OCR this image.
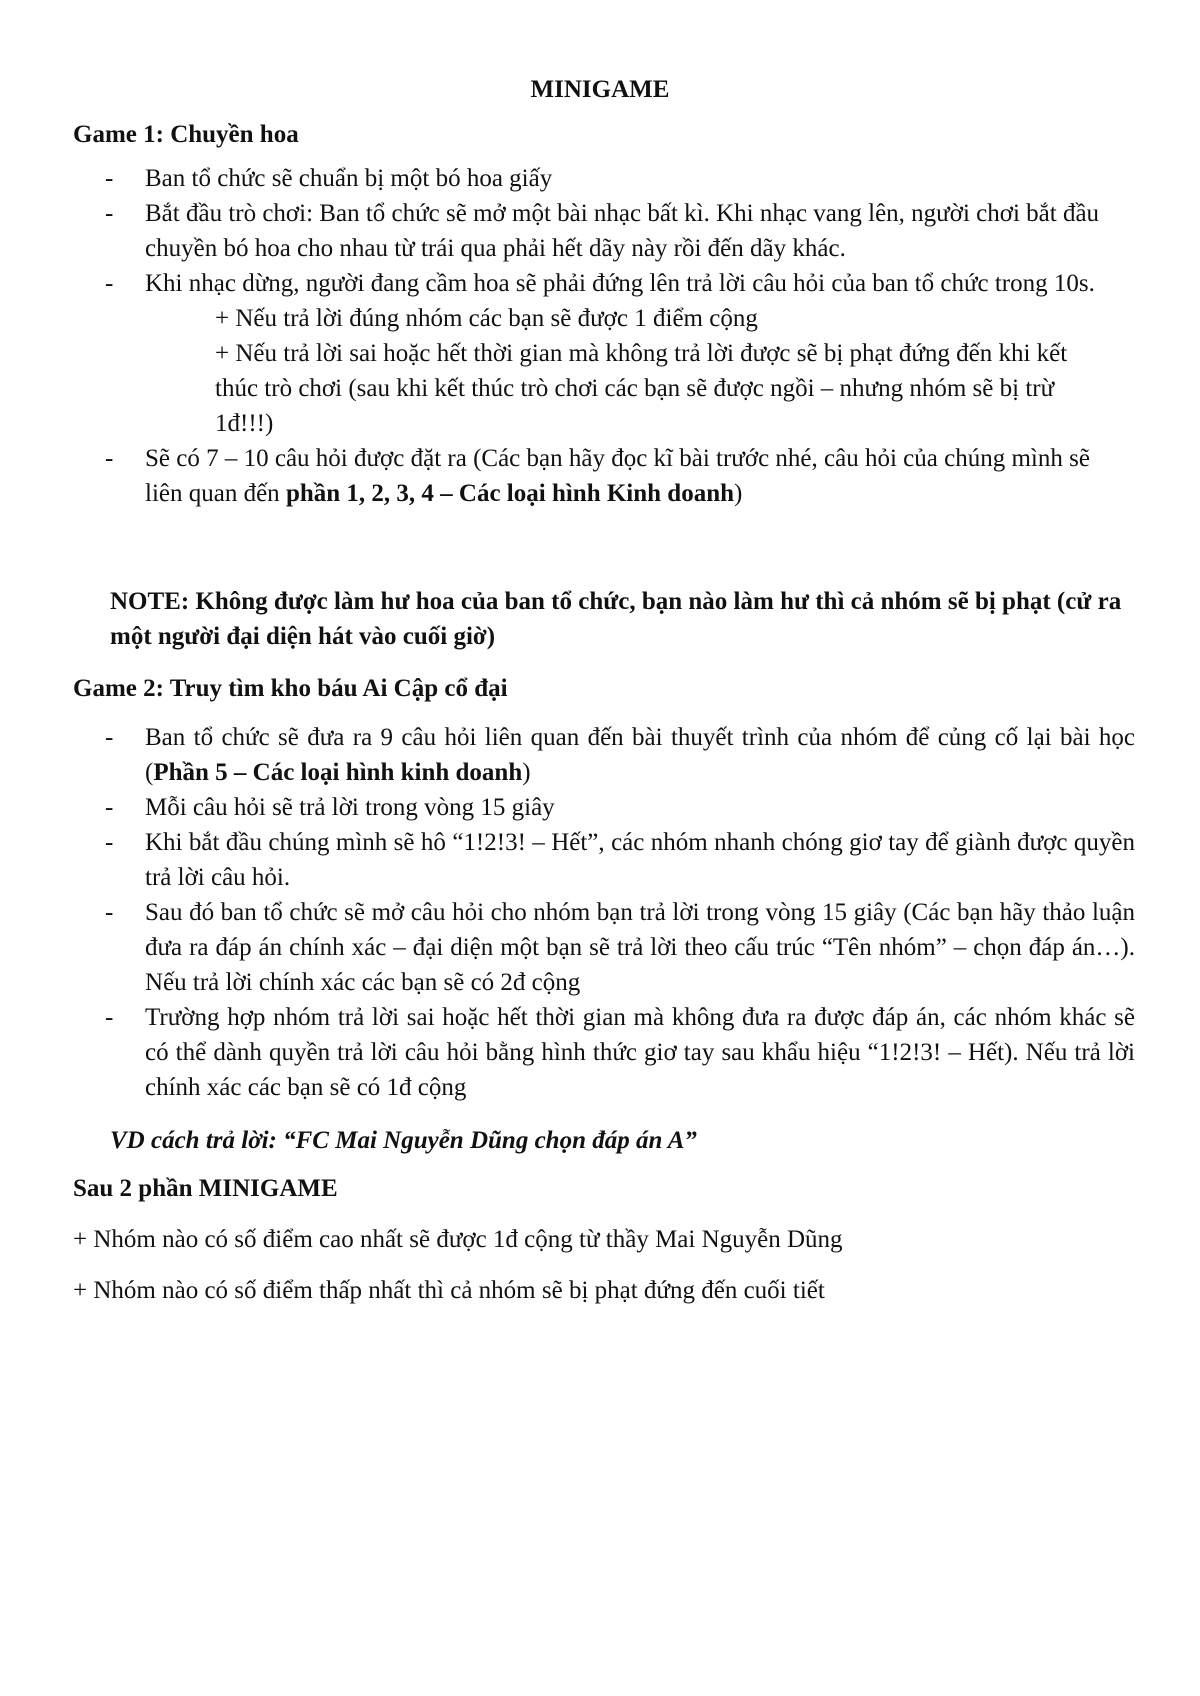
MINIGAME

Game 1: Chuyền hoa

- Ban tổ chức sẽ chuẩn bị một bó hoa giấy
- Bắt đầu trò chơi: Ban tổ chức sẽ mở một bài nhạc bất kì. Khi nhạc vang lên, người chơi bắt đầu chuyền bó hoa cho nhau từ trái qua phải hết dãy này rồi đến dãy khác.
- Khi nhạc dừng, người đang cầm hoa sẽ phải đứng lên trả lời câu hỏi của ban tổ chức trong 10s.
+ Nếu trả lời đúng nhóm các bạn sẽ được 1 điểm cộng
+ Nếu trả lời sai hoặc hết thời gian mà không trả lời được sẽ bị phạt đứng đến khi kết thúc trò chơi (sau khi kết thúc trò chơi các bạn sẽ được ngồi – nhưng nhóm sẽ bị trừ 1đ!!!)
- Sẽ có 7 – 10 câu hỏi được đặt ra (Các bạn hãy đọc kĩ bài trước nhé, câu hỏi của chúng mình sẽ liên quan đến phần 1, 2, 3, 4 – Các loại hình Kinh doanh)

NOTE: Không được làm hư hoa của ban tổ chức, bạn nào làm hư thì cả nhóm sẽ bị phạt (cử ra một người đại diện hát vào cuối giờ)

Game 2: Truy tìm kho báu Ai Cập cổ đại

- Ban tổ chức sẽ đưa ra 9 câu hỏi liên quan đến bài thuyết trình của nhóm để củng cố lại bài học (Phần 5 – Các loại hình kinh doanh)
- Mỗi câu hỏi sẽ trả lời trong vòng 15 giây
- Khi bắt đầu chúng mình sẽ hô “1!2!3! – Hết”, các nhóm nhanh chóng giơ tay để giành được quyền trả lời câu hỏi.
- Sau đó ban tổ chức sẽ mở câu hỏi cho nhóm bạn trả lời trong vòng 15 giây (Các bạn hãy thảo luận đưa ra đáp án chính xác – đại diện một bạn sẽ trả lời theo cấu trúc “Tên nhóm” – chọn đáp án…). Nếu trả lời chính xác các bạn sẽ có 2đ cộng
- Trường hợp nhóm trả lời sai hoặc hết thời gian mà không đưa ra được đáp án, các nhóm khác sẽ có thể dành quyền trả lời câu hỏi bằng hình thức giơ tay sau khẩu hiệu “1!2!3! – Hết). Nếu trả lời chính xác các bạn sẽ có 1đ cộng

VD cách trả lời: “FC Mai Nguyễn Dũng chọn đáp án A”

Sau 2 phần MINIGAME

+ Nhóm nào có số điểm cao nhất sẽ được 1đ cộng từ thầy Mai Nguyễn Dũng

+ Nhóm nào có số điểm thấp nhất thì cả nhóm sẽ bị phạt đứng đến cuối tiết
